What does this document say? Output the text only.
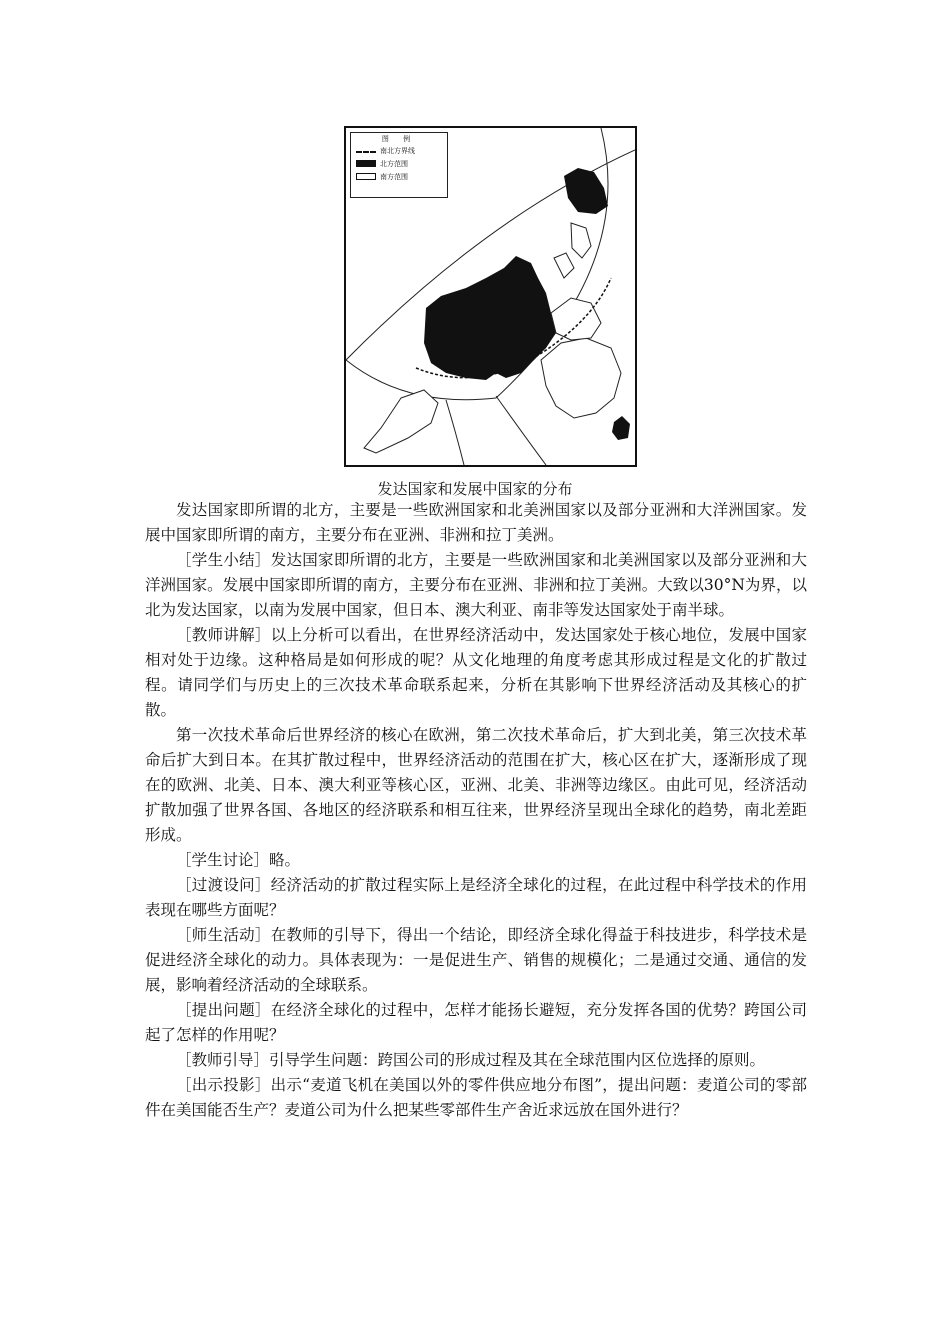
图 例
南北方界线
北方范围
南方范围
发达国家和发展中国家的分布

发达国家即所谓的北方，主要是一些欧洲国家和北美洲国家以及部分亚洲和大洋洲国家。发展中国家即所谓的南方，主要分布在亚洲、非洲和拉丁美洲。

［学生小结］发达国家即所谓的北方，主要是一些欧洲国家和北美洲国家以及部分亚洲和大洋洲国家。发展中国家即所谓的南方，主要分布在亚洲、非洲和拉丁美洲。大致以30°N为界，以北为发达国家，以南为发展中国家，但日本、澳大利亚、南非等发达国家处于南半球。

［教师讲解］以上分析可以看出，在世界经济活动中，发达国家处于核心地位，发展中国家相对处于边缘。这种格局是如何形成的呢？从文化地理的角度考虑其形成过程是文化的扩散过程。请同学们与历史上的三次技术革命联系起来，分析在其影响下世界经济活动及其核心的扩散。

第一次技术革命后世界经济的核心在欧洲，第二次技术革命后，扩大到北美，第三次技术革命后扩大到日本。在其扩散过程中，世界经济活动的范围在扩大，核心区在扩大，逐渐形成了现在的欧洲、北美、日本、澳大利亚等核心区，亚洲、北美、非洲等边缘区。由此可见，经济活动扩散加强了世界各国、各地区的经济联系和相互往来，世界经济呈现出全球化的趋势，南北差距形成。

［学生讨论］略。

［过渡设问］经济活动的扩散过程实际上是经济全球化的过程，在此过程中科学技术的作用表现在哪些方面呢？

［师生活动］在教师的引导下，得出一个结论，即经济全球化得益于科技进步，科学技术是促进经济全球化的动力。具体表现为：一是促进生产、销售的规模化；二是通过交通、通信的发展，影响着经济活动的全球联系。

［提出问题］在经济全球化的过程中，怎样才能扬长避短，充分发挥各国的优势？跨国公司起了怎样的作用呢？

［教师引导］引导学生问题：跨国公司的形成过程及其在全球范围内区位选择的原则。

［出示投影］出示“麦道飞机在美国以外的零件供应地分布图”，提出问题：麦道公司的零部件在美国能否生产？麦道公司为什么把某些零部件生产舍近求远放在国外进行？
